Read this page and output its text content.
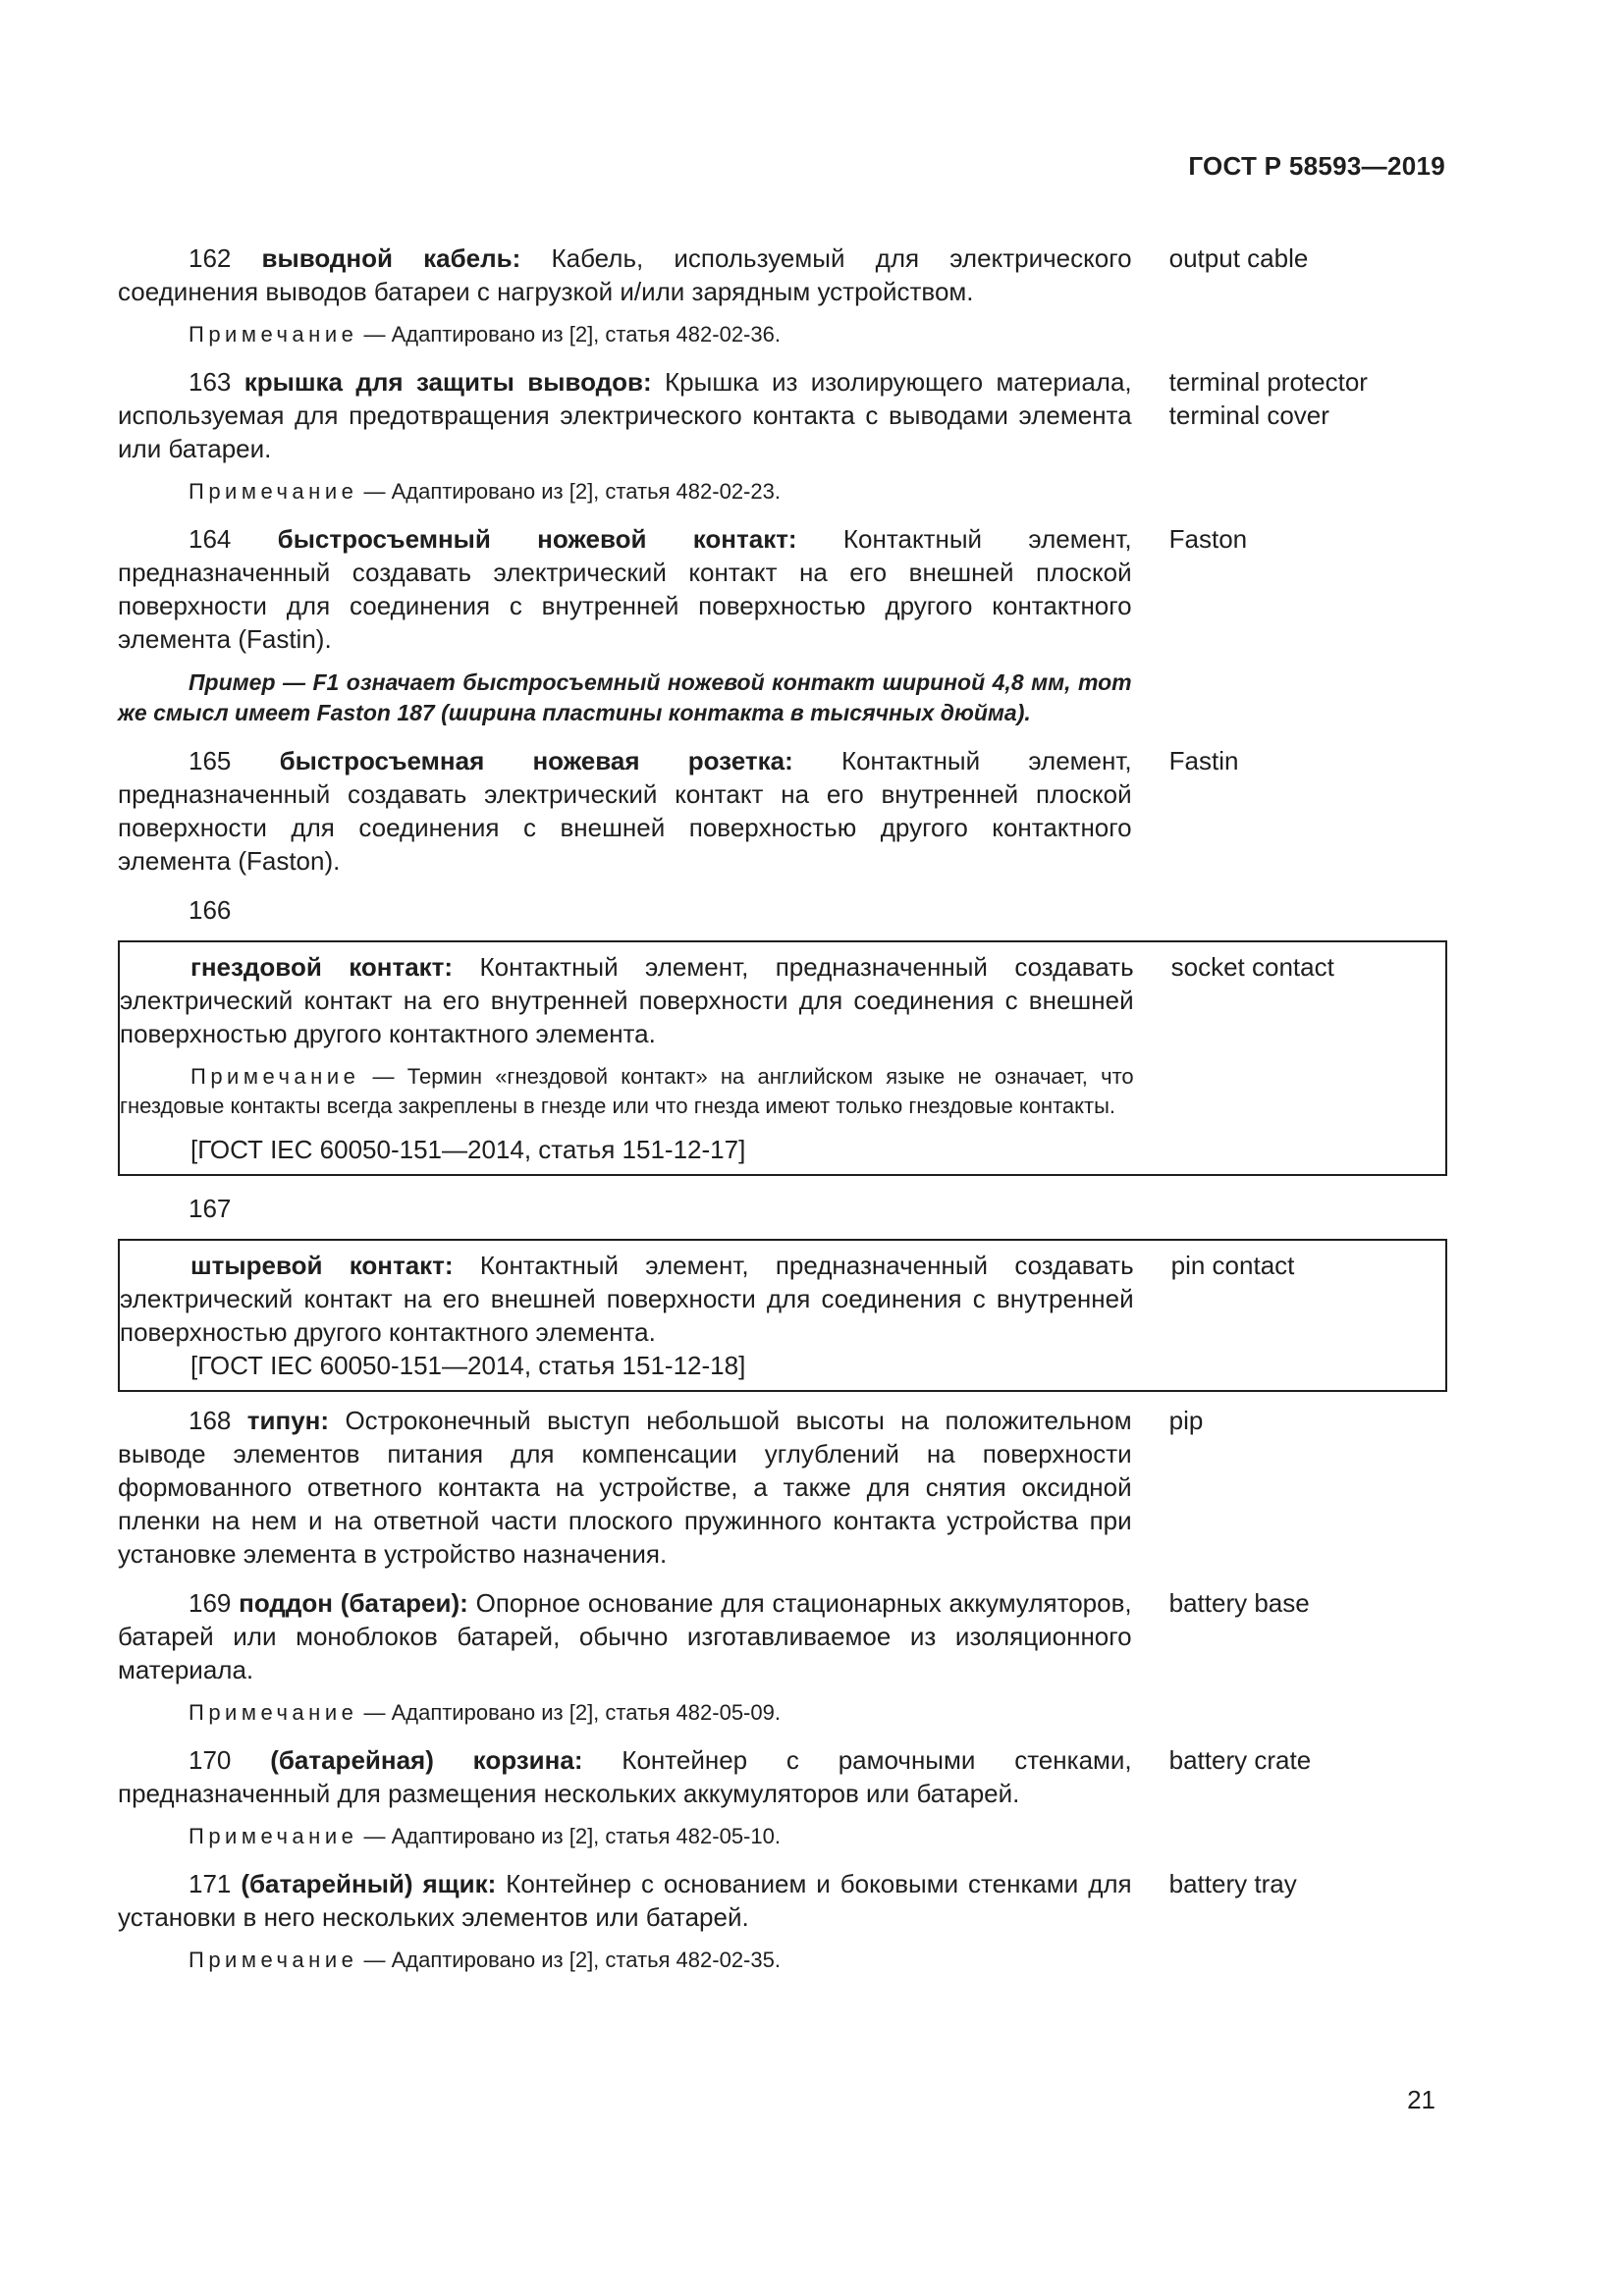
ГОСТ Р 58593—2019

162 выводной кабель: Кабель, используемый для электрического соединения выводов батареи с нагрузкой и/или зарядным устройством.

Примечание — Адаптировано из [2], статья 482-02-36.

output cable

163 крышка для защиты выводов: Крышка из изолирующего материала, используемая для предотвращения электрического контакта с выводами элемента или батареи.

Примечание — Адаптировано из [2], статья 482-02-23.

terminal protector
terminal cover

164 быстросъемный ножевой контакт: Контактный элемент, предназначенный создавать электрический контакт на его внешней плоской поверхности для соединения с внутренней поверхностью другого контактного элемента (Fastin).

Пример — F1 означает быстросъемный ножевой контакт шириной 4,8 мм, тот же смысл имеет Faston 187 (ширина пластины контакта в тысячных дюйма).

Faston

165 быстросъемная ножевая розетка: Контактный элемент, предназначенный создавать электрический контакт на его внутренней плоской поверхности для соединения с внешней поверхностью другого контактного элемента (Faston).

Fastin
166

гнездовой контакт: Контактный элемент, предназначенный создавать электрический контакт на его внутренней поверхности для соединения с внешней поверхностью другого контактного элемента.

Примечание — Термин «гнездовой контакт» на английском языке не означает, что гнездовые контакты всегда закреплены в гнезде или что гнезда имеют только гнездовые контакты.

[ГОСТ IEC 60050-151—2014, статья 151-12-17]
socket contact
167

штыревой контакт: Контактный элемент, предназначенный создавать электрический контакт на его внешней поверхности для соединения с внутренней поверхностью другого контактного элемента.

[ГОСТ IEC 60050-151—2014, статья 151-12-18]
pin contact

168 типун: Остроконечный выступ небольшой высоты на положительном выводе элементов питания для компенсации углублений на поверхности формованного ответного контакта на устройстве, а также для снятия оксидной пленки на нем и на ответной части плоского пружинного контакта устройства при установке элемента в устройство назначения.

pip

169 поддон (батареи): Опорное основание для стационарных аккумуляторов, батарей или моноблоков батарей, обычно изготавливаемое из изоляционного материала.

Примечание — Адаптировано из [2], статья 482-05-09.

battery base

170 (батарейная) корзина: Контейнер с рамочными стенками, предназначенный для размещения нескольких аккумуляторов или батарей.

Примечание — Адаптировано из [2], статья 482-05-10.

battery crate

171 (батарейный) ящик: Контейнер с основанием и боковыми стенками для установки в него нескольких элементов или батарей.

Примечание — Адаптировано из [2], статья 482-02-35.

battery tray
21
